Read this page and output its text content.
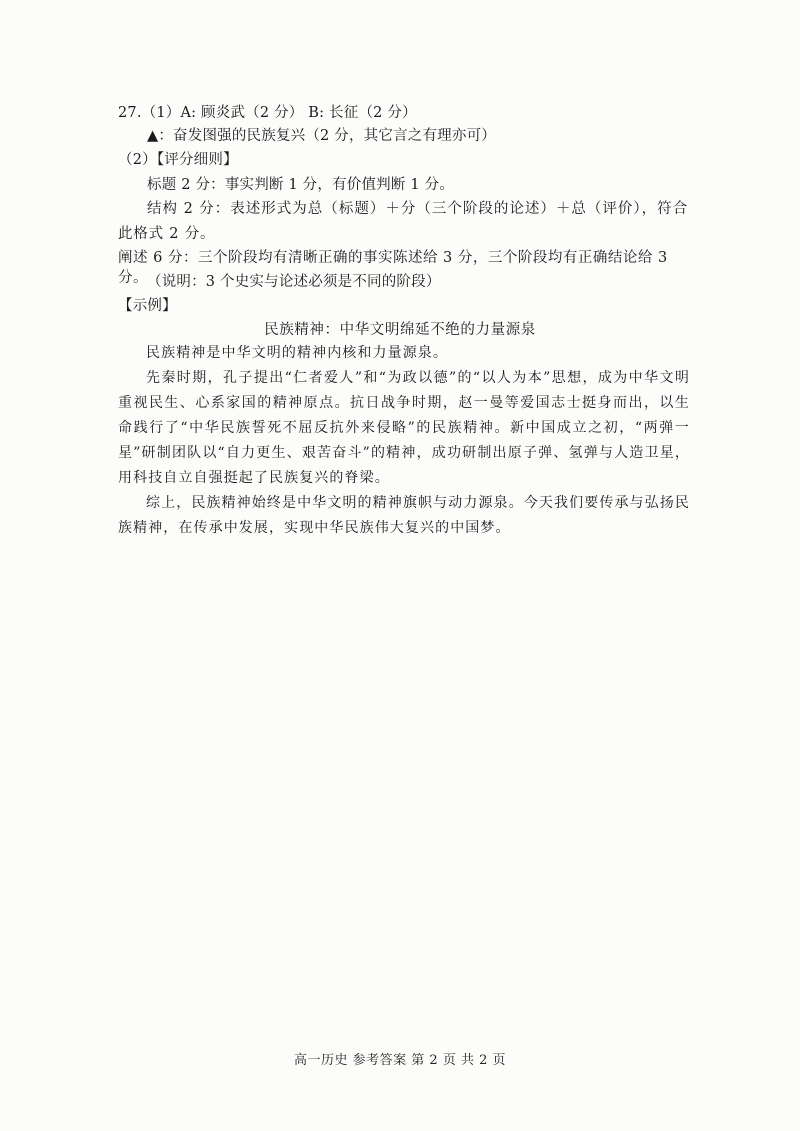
27.（1）A: 顾炎武（2 分） B: 长征（2 分）
▲：奋发图强的民族复兴（2 分，其它言之有理亦可）
（2）【评分细则】
标题 2 分：事实判断 1 分，有价值判断 1 分。
结构 2 分：表述形式为总（标题）＋分（三个阶段的论述）＋总（评价），符合此格式 2 分。
阐述 6 分：三个阶段均有清晰正确的事实陈述给 3 分，三个阶段均有正确结论给 3 分。 （说明：3 个史实与论述必须是不同的阶段）
【示例】
民族精神：中华文明绵延不绝的力量源泉
民族精神是中华文明的精神内核和力量源泉。
先秦时期，孔子提出“仁者爱人”和“为政以德”的“以人为本”思想，成为中华文明重视民生、心系家国的精神原点。抗日战争时期，赵一曼等爱国志士挺身而出，以生命践行了“中华民族誓死不屈反抗外来侵略”的民族精神。新中国成立之初，“两弹一星”研制团队以“自力更生、艰苦奋斗”的精神，成功研制出原子弹、氢弹与人造卫星，用科技自立自强挺起了民族复兴的脊梁。
综上，民族精神始终是中华文明的精神旗帜与动力源泉。今天我们要传承与弘扬民族精神，在传承中发展，实现中华民族伟大复兴的中国梦。
高一历史 参考答案 第 2 页 共 2 页
